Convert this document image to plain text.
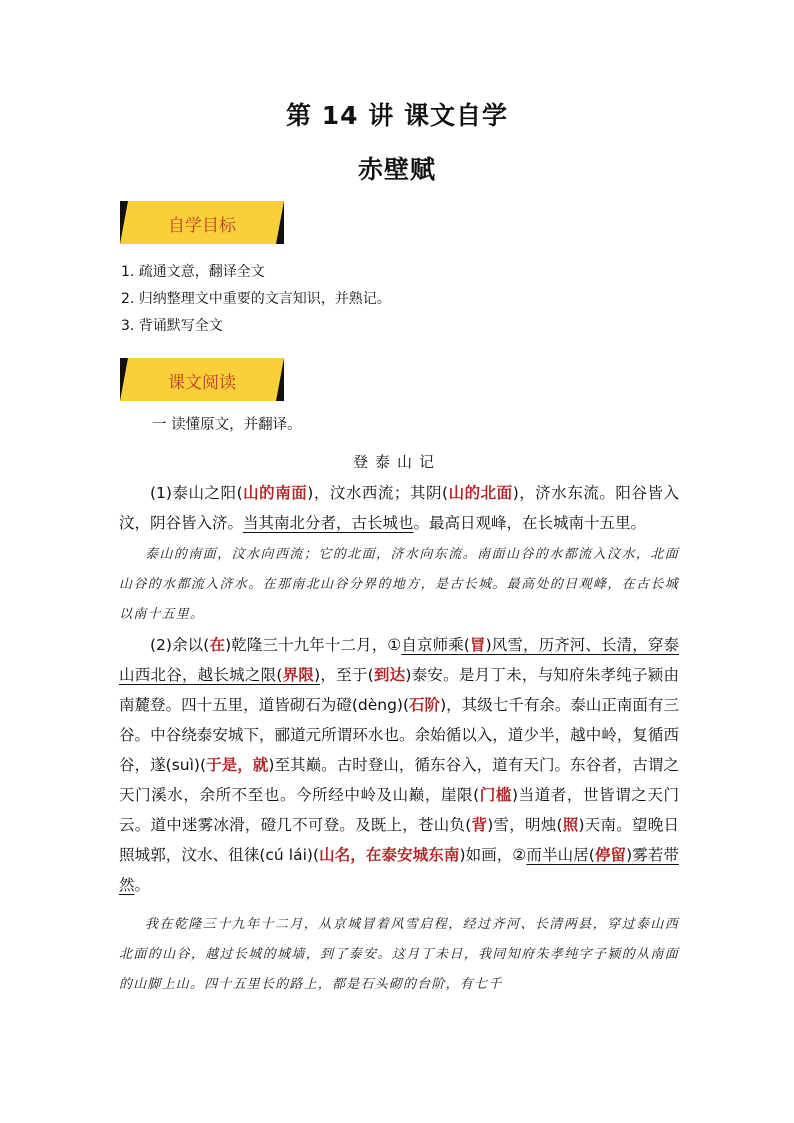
第 14 讲 课文自学
赤壁赋
自学目标
1. 疏通文意，翻译全文
2. 归纳整理文中重要的文言知识，并熟记。
3. 背诵默写全文
课文阅读
一 读懂原文，并翻译。
登泰山记

(1)泰山之阳(山的南面)，汶水西流；其阴(山的北面)，济水东流。阳谷皆入汶，阴谷皆入济。当其南北分者，古长城也。最高日观峰，在长城南十五里。

泰山的南面，汶水向西流；它的北面，济水向东流。南面山谷的水都流入汶水，北面山谷的水都流入济水。在那南北山谷分界的地方，是古长城。最高处的日观峰，在古长城以南十五里。

(2)余以(在)乾隆三十九年十二月，①自京师乘(冒)风雪，历齐河、长清，穿泰山西北谷，越长城之限(界限)，至于(到达)泰安。是月丁未，与知府朱孝纯子颍由南麓登。四十五里，道皆砌石为磴(dèng)(石阶)，其级七千有余。泰山正南面有三谷。中谷绕泰安城下，郦道元所谓环水也。余始循以入，道少半，越中岭，复循西谷，遂(suì)(于是，就)至其巅。古时登山，循东谷入，道有天门。东谷者，古谓之天门溪水，余所不至也。今所经中岭及山巅，崖限(门槛)当道者，世皆谓之天门云。道中迷雾冰滑，磴几不可登。及既上，苍山负(背)雪，明烛(照)天南。望晚日照城郭，汶水、徂徕(cú lái)(山名，在泰安城东南)如画，②而半山居(停留)雾若带然。

我在乾隆三十九年十二月，从京城冒着风雪启程，经过齐河、长清两县，穿过泰山西北面的山谷，越过长城的城墙，到了泰安。这月丁未日，我同知府朱孝纯字子颍的从南面的山脚上山。四十五里长的路上，都是石头砌的台阶，有七千
